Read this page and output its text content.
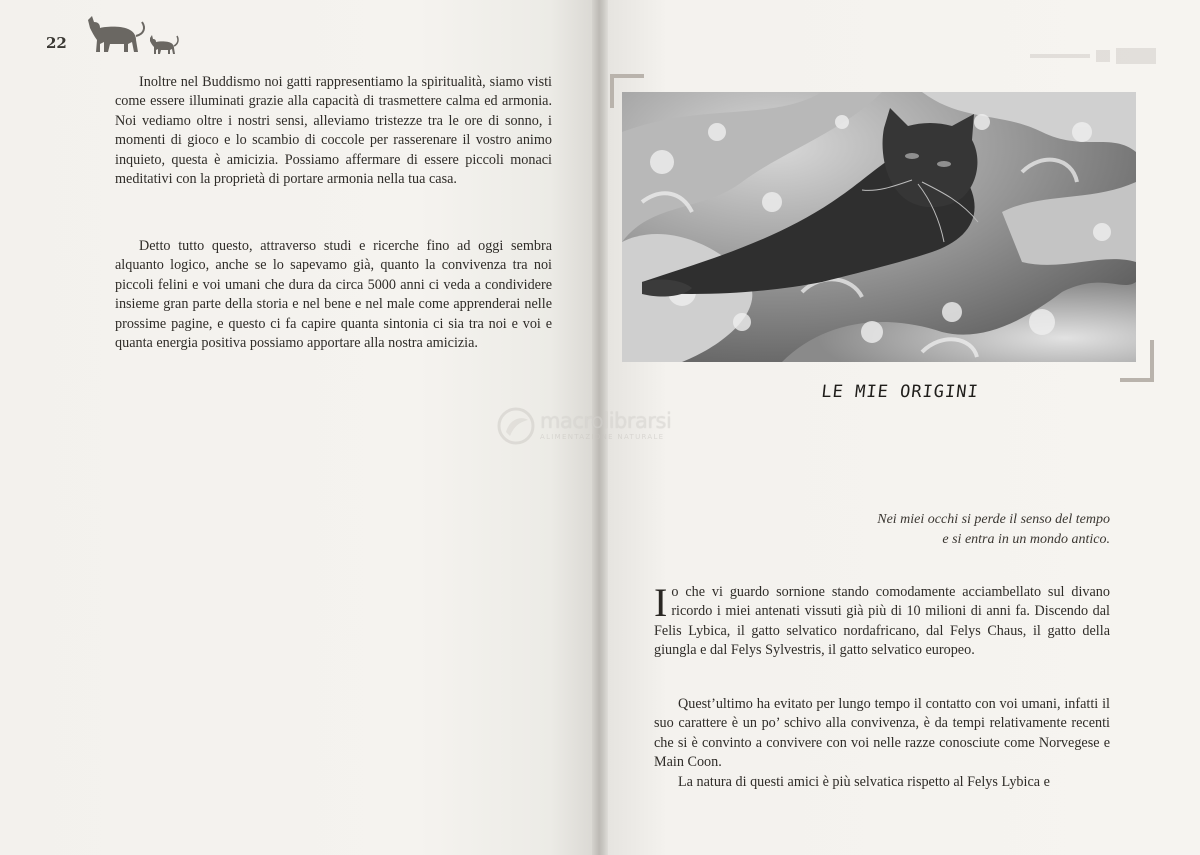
22

Inoltre nel Buddismo noi gatti rappresentiamo la spiritualità, siamo visti come essere illuminati grazie alla capacità di trasmettere calma ed armonia. Noi vediamo oltre i nostri sensi, alleviamo tristezze tra le ore di sonno, i momenti di gioco e lo scambio di coccole per rasserenare il vostro animo inquieto, questa è amicizia. Possiamo affermare di essere piccoli monaci meditativi con la proprietà di portare armonia nella tua casa.

Detto tutto questo, attraverso studi e ricerche fino ad oggi sembra alquanto logico, anche se lo sapevamo già, quanto la convivenza tra noi piccoli felini e voi umani che dura da circa 5000 anni ci veda a condividere insieme gran parte della storia e nel bene e nel male come apprenderai nelle prossime pagine, e questo ci fa capire quanta sintonia ci sia tra noi e voi e quanta energia positiva possiamo apportare alla nostra amicizia.

macrolibrarsi
ALIMENTAZIONE NATURALE
LE MIE ORIGINI
Nei miei occhi si perde il senso del tempo
e si entra in un mondo antico.

Io che vi guardo sornione stando comodamente acciambellato sul divano ricordo i miei antenati vissuti già più di 10 milioni di anni fa. Discendo dal Felis Lybica, il gatto selvatico nordafricano, dal Felys Chaus, il gatto della giungla e dal Felys Sylvestris, il gatto selvatico europeo.

Quest’ultimo ha evitato per lungo tempo il contatto con voi umani, infatti il suo carattere è un po’ schivo alla convivenza, è da tempi relativamente recenti che si è convinto a convivere con voi nelle razze conosciute come Norvegese e Main Coon.

La natura di questi amici è più selvatica rispetto al Felys Lybica e
